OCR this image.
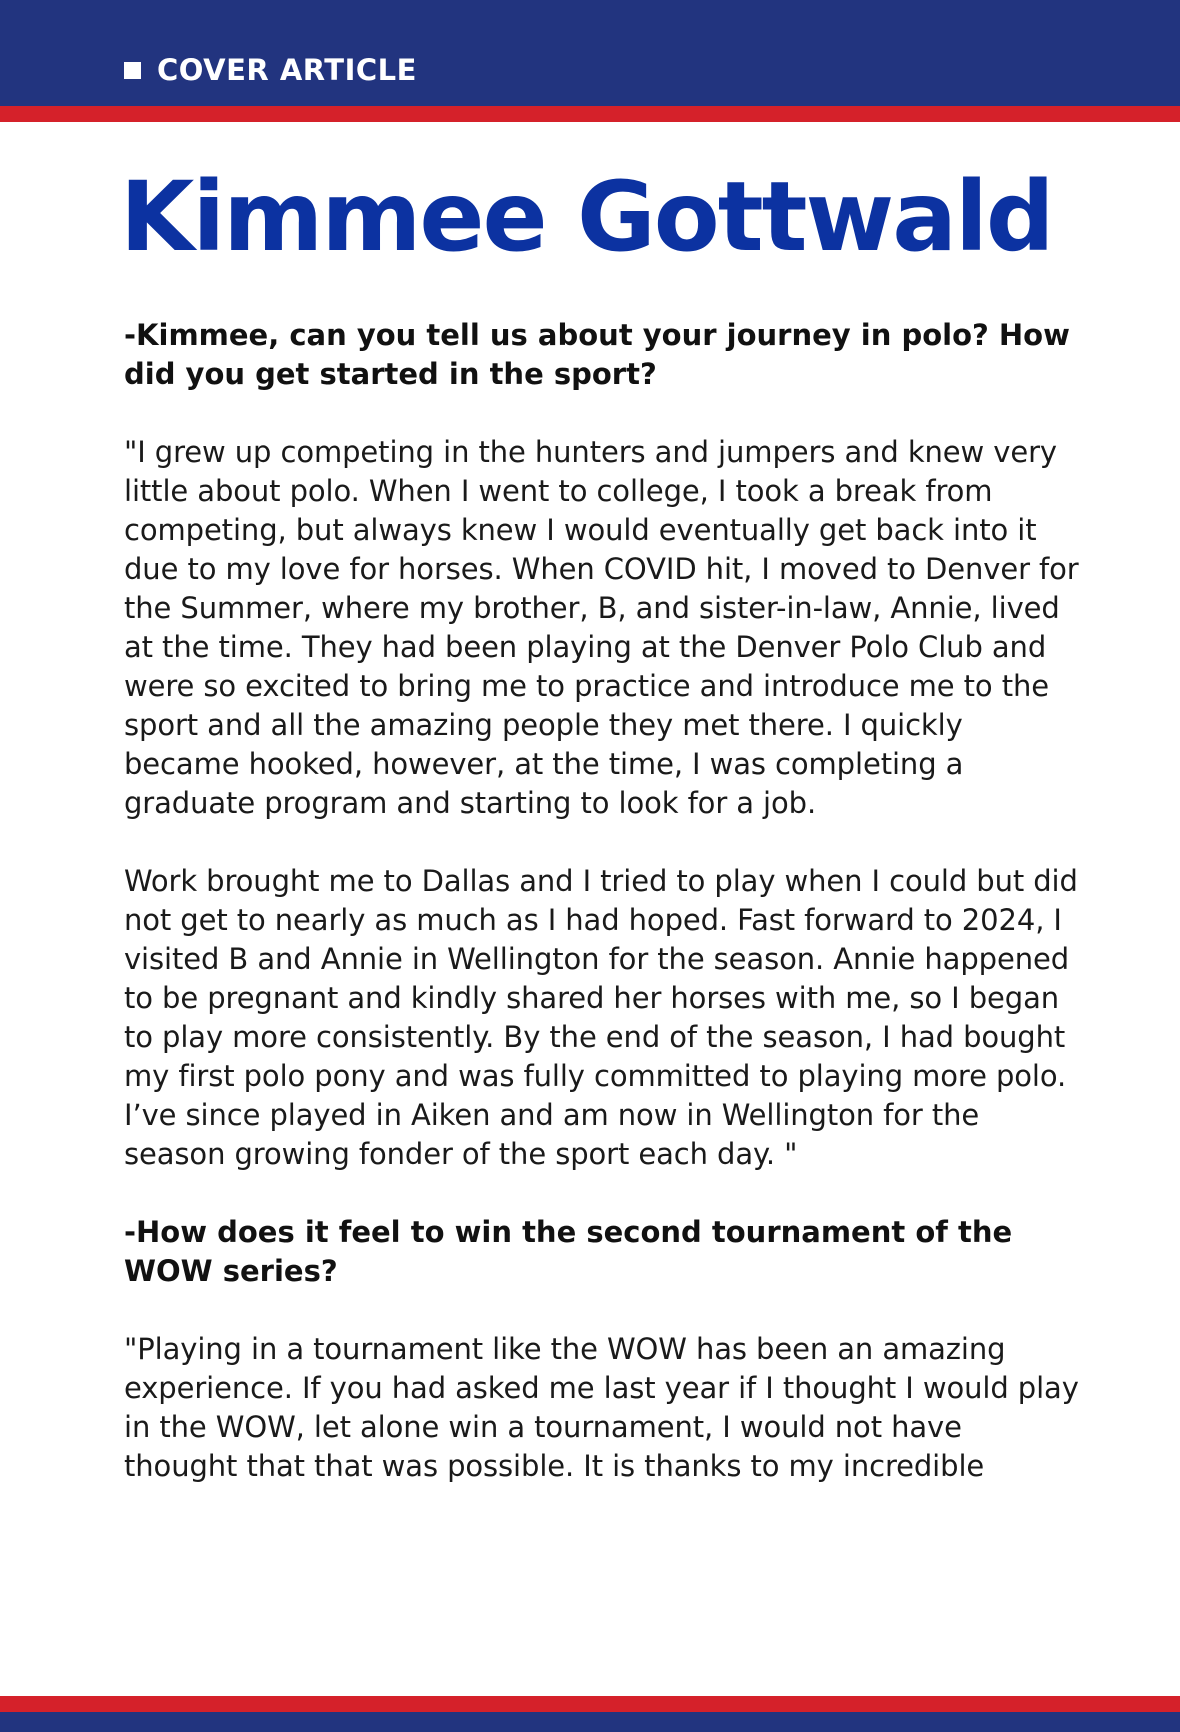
COVER ARTICLE
Kimmee Gottwald

-Kimmee, can you tell us about your journey in polo? How did you get started in the sport?

"I grew up competing in the hunters and jumpers and knew very little about polo. When I went to college, I took a break from competing, but always knew I would eventually get back into it due to my love for horses. When COVID hit, I moved to Denver for the Summer, where my brother, B, and sister-in-law, Annie, lived at the time. They had been playing at the Denver Polo Club and were so excited to bring me to practice and introduce me to the sport and all the amazing people they met there. I quickly became hooked, however, at the time, I was completing a graduate program and starting to look for a job.

Work brought me to Dallas and I tried to play when I could but did not get to nearly as much as I had hoped. Fast forward to 2024, I visited B and Annie in Wellington for the season. Annie happened to be pregnant and kindly shared her horses with me, so I began to play more consistently. By the end of the season, I had bought my first polo pony and was fully committed to playing more polo. I’ve since played in Aiken and am now in Wellington for the season growing fonder of the sport each day. "

-How does it feel to win the second tournament of the WOW series?

"Playing in a tournament like the WOW has been an amazing experience. If you had asked me last year if I thought I would play in the WOW, let alone win a tournament, I would not have thought that that was possible. It is thanks to my incredible
